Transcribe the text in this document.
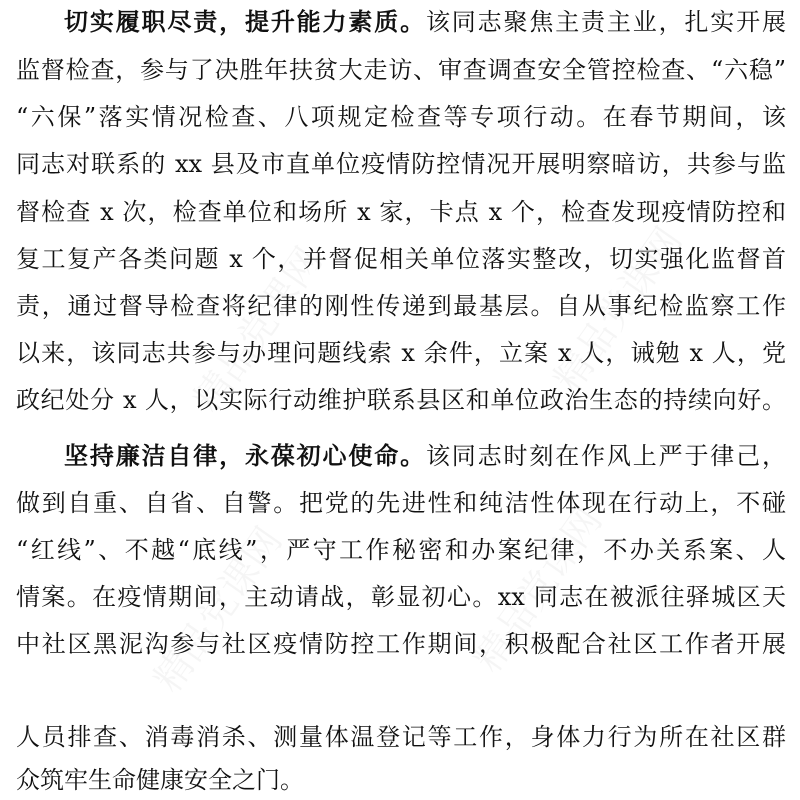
切实履职尽责，提升能力素质。该同志聚焦主责主业，扎实开展
监督检查，参与了决胜年扶贫大走访、审查调查安全管控检查、“六稳”
“六保”落实情况检查、八项规定检查等专项行动。在春节期间，该
同志对联系的 xx 县及市直单位疫情防控情况开展明察暗访，共参与监
督检查 x 次，检查单位和场所 x 家，卡点 x 个，检查发现疫情防控和
复工复产各类问题 x 个，并督促相关单位落实整改，切实强化监督首
责，通过督导检查将纪律的刚性传递到最基层。自从事纪检监察工作
以来，该同志共参与办理问题线索 x 余件，立案 x 人，诫勉 x 人，党
政纪处分 x 人，以实际行动维护联系县区和单位政治生态的持续向好。
坚持廉洁自律，永葆初心使命。该同志时刻在作风上严于律己，
做到自重、自省、自警。把党的先进性和纯洁性体现在行动上，不碰
“红线”、不越“底线”，严守工作秘密和办案纪律，不办关系案、人
情案。在疫情期间，主动请战，彰显初心。xx 同志在被派往驿城区天
中社区黑泥沟参与社区疫情防控工作期间，积极配合社区工作者开展
人员排查、消毒消杀、测量体温登记等工作，身体力行为所在社区群
众筑牢生命健康安全之门。
